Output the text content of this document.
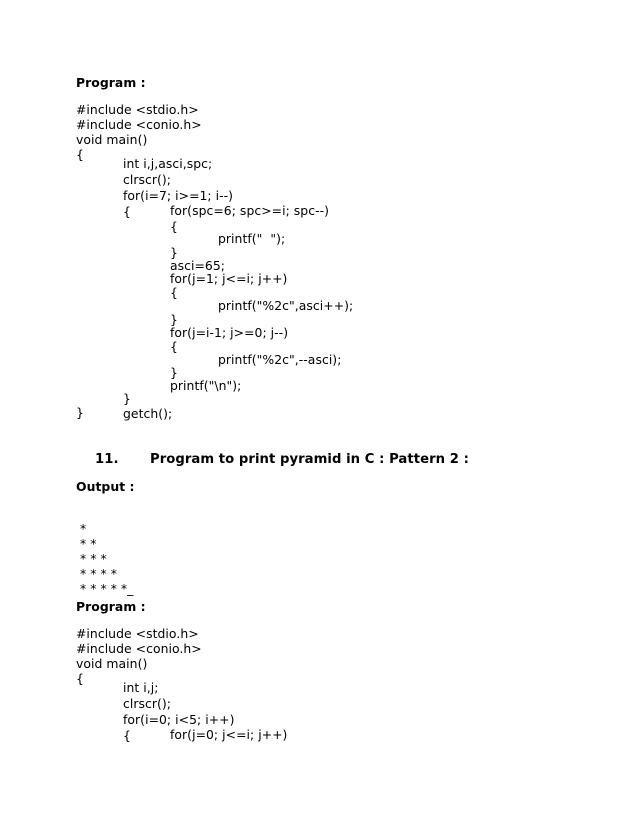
Program :
#include <stdio.h>
#include <conio.h>
void main()
{
int i,j,asci,spc;
clrscr();
for(i=7; i>=1; i--)
{	for(spc=6; spc>=i; spc--)
{
printf("  ");
}
asci=65;
for(j=1; j<=i; j++)
{
printf("%2c",asci++);
}
for(j=i-1; j>=0; j--)
{
printf("%2c",--asci);
}
printf("\n");
}
getch();
}
11. Program to print pyramid in C : Pattern 2 :
Output :
*
* *
* * *
* * * *
* * * * *_
Program :
#include <stdio.h>
#include <conio.h>
void main()
{
int i,j;
clrscr();
for(i=0; i<5; i++)
{	for(j=0; j<=i; j++)
